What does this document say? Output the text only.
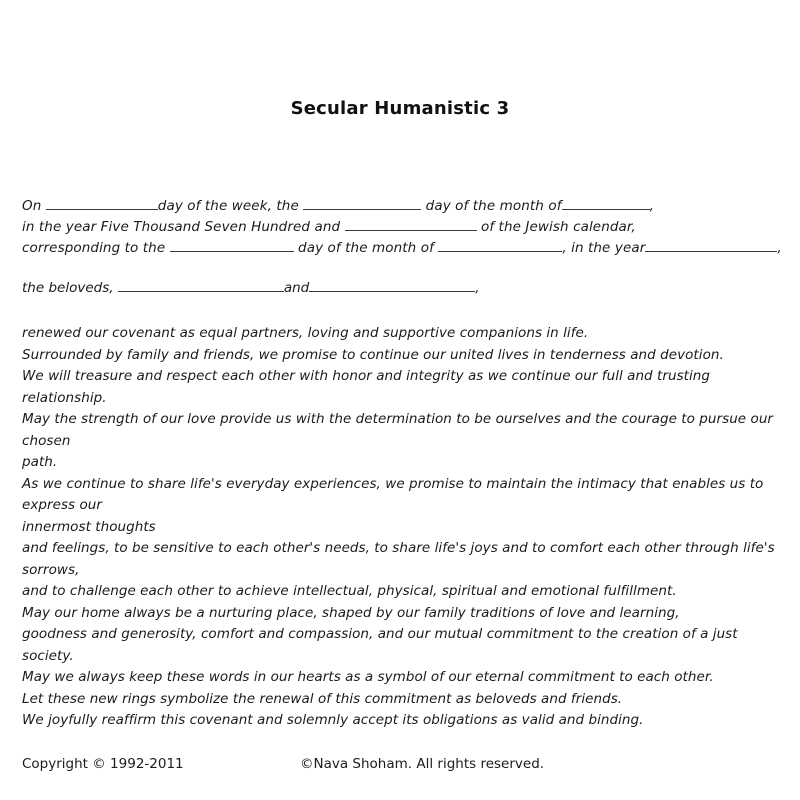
Secular Humanistic 3
On	day of the week, the	day of the month of	,
in the year Five Thousand Seven Hundred and	of the Jewish calendar,
corresponding to the	day of the month of	, in the year	,
the beloveds,	and	,
renewed our covenant as equal partners, loving and supportive companions in life.
Surrounded by family and friends, we promise to continue our united lives in tenderness and devotion.
We will treasure and respect each other with honor and integrity as we continue our full and trusting relationship.
May the strength of our love provide us with the determination to be ourselves and the courage to pursue our chosen
path.
As we continue to share life's everyday experiences, we promise to maintain the intimacy that enables us to express our
innermost thoughts
and feelings, to be sensitive to each other's needs, to share life's joys and to comfort each other through life's sorrows,
and to challenge each other to achieve intellectual, physical, spiritual and emotional fulfillment.
May our home always be a nurturing place, shaped by our family traditions of love and learning,
goodness and generosity, comfort and compassion, and our mutual commitment to the creation of a just society.
May we always keep these words in our hearts as a symbol of our eternal commitment to each other.
Let these new rings symbolize the renewal of this commitment as beloveds and friends.
We joyfully reaffirm this covenant and solemnly accept its obligations as valid and binding.
Copyright © 1992-2011	©Nava Shoham. All rights reserved.
